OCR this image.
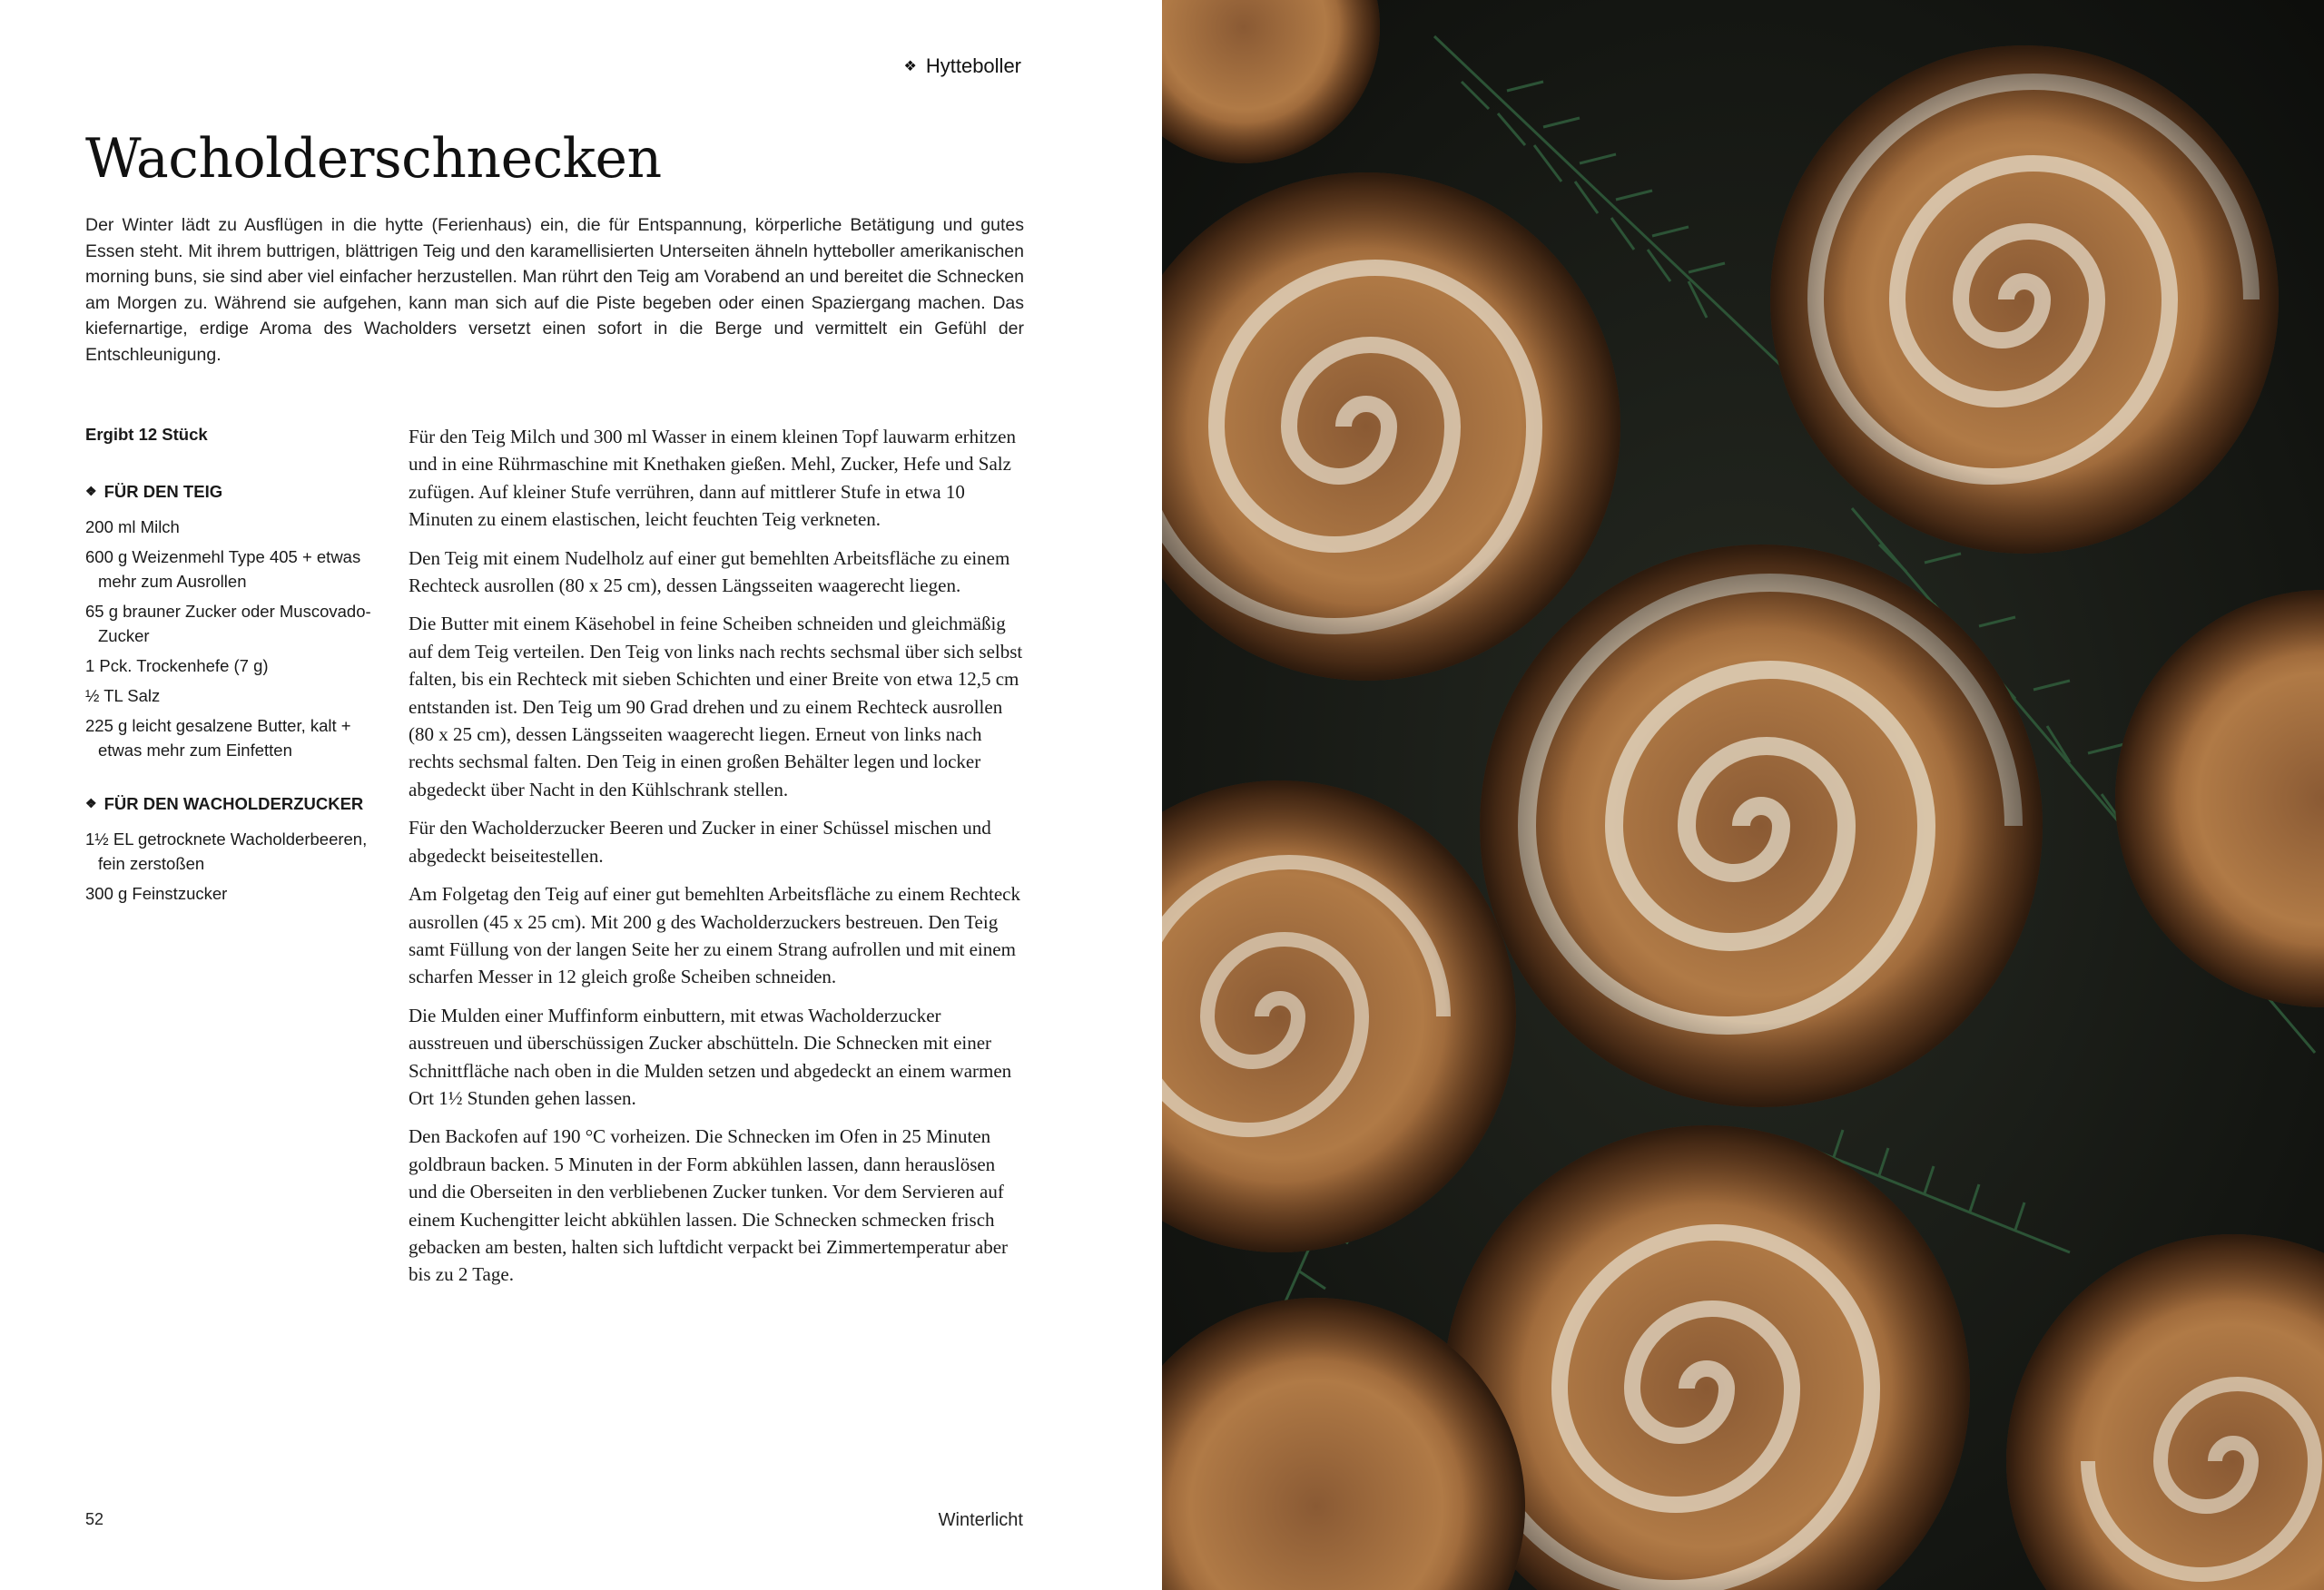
❖ Hytteboller
Wacholderschnecken

Der Winter lädt zu Ausflügen in die hytte (Ferienhaus) ein, die für Entspannung, körperliche Betätigung und gutes Essen steht. Mit ihrem buttrigen, blättrigen Teig und den karamellisierten Unterseiten ähneln hytteboller amerikanischen morning buns, sie sind aber viel einfacher herzustellen. Man rührt den Teig am Vorabend an und bereitet die Schnecken am Morgen zu. Während sie aufgehen, kann man sich auf die Piste begeben oder einen Spaziergang machen. Das kiefernartige, erdige Aroma des Wacholders versetzt einen sofort in die Berge und vermittelt ein Gefühl der Entschleunigung.

Ergibt 12 Stück

❖ FÜR DEN TEIG

200 ml Milch
600 g Weizenmehl Type 405 + etwas mehr zum Ausrollen
65 g brauner Zucker oder Muscovado-Zucker
1 Pck. Trockenhefe (7 g)
½ TL Salz
225 g leicht gesalzene Butter, kalt + etwas mehr zum Einfetten

❖ FÜR DEN WACHOLDERZUCKER

1½ EL getrocknete Wacholderbeeren, fein zerstoßen
300 g Feinstzucker

Für den Teig Milch und 300 ml Wasser in einem kleinen Topf lauwarm erhitzen und in eine Rührmaschine mit Knethaken gießen. Mehl, Zucker, Hefe und Salz zufügen. Auf kleiner Stufe verrühren, dann auf mittlerer Stufe in etwa 10 Minuten zu einem elastischen, leicht feuchten Teig verkneten.

Den Teig mit einem Nudelholz auf einer gut bemehlten Arbeitsfläche zu einem Rechteck ausrollen (80 x 25 cm), dessen Längsseiten waagerecht liegen.

Die Butter mit einem Käsehobel in feine Scheiben schneiden und gleichmäßig auf dem Teig verteilen. Den Teig von links nach rechts sechsmal über sich selbst falten, bis ein Rechteck mit sieben Schichten und einer Breite von etwa 12,5 cm entstanden ist. Den Teig um 90 Grad drehen und zu einem Rechteck ausrollen (80 x 25 cm), dessen Längsseiten waagerecht liegen. Erneut von links nach rechts sechsmal falten. Den Teig in einen großen Behälter legen und locker abgedeckt über Nacht in den Kühlschrank stellen.

Für den Wacholderzucker Beeren und Zucker in einer Schüssel mischen und abgedeckt beiseitestellen.

Am Folgetag den Teig auf einer gut bemehlten Arbeitsfläche zu einem Rechteck ausrollen (45 x 25 cm). Mit 200 g des Wacholderzuckers bestreuen. Den Teig samt Füllung von der langen Seite her zu einem Strang aufrollen und mit einem scharfen Messer in 12 gleich große Scheiben schneiden.

Die Mulden einer Muffinform einbuttern, mit etwas Wacholderzucker ausstreuen und überschüssigen Zucker abschütteln. Die Schnecken mit einer Schnittfläche nach oben in die Mulden setzen und abgedeckt an einem warmen Ort 1½ Stunden gehen lassen.

Den Backofen auf 190 °C vorheizen. Die Schnecken im Ofen in 25 Minuten goldbraun backen. 5 Minuten in der Form abkühlen lassen, dann herauslösen und die Oberseiten in den verbliebenen Zucker tunken. Vor dem Servieren auf einem Kuchengitter leicht abkühlen lassen. Die Schnecken schmecken frisch gebacken am besten, halten sich luftdicht verpackt bei Zimmertemperatur aber bis zu 2 Tage.

52	Winterlicht
